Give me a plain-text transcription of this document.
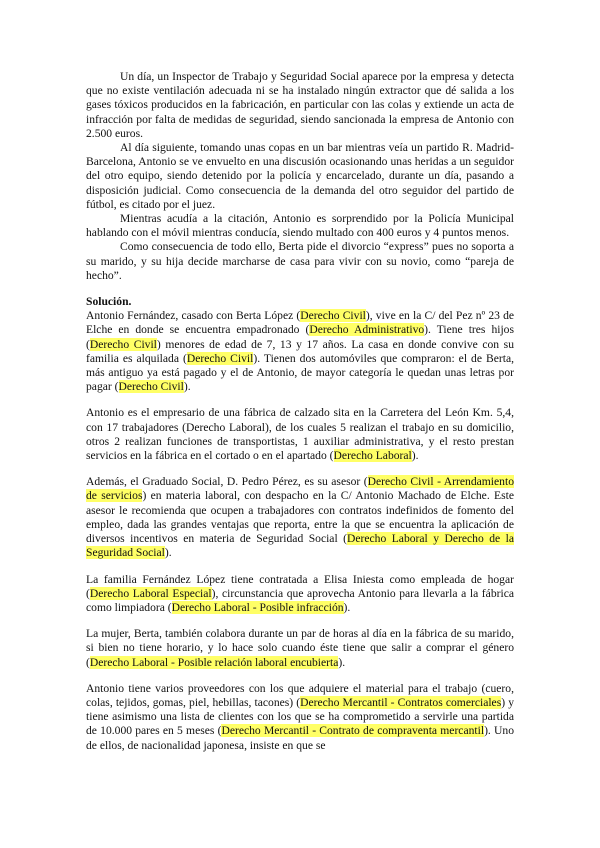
Un día, un Inspector de Trabajo y Seguridad Social aparece por la empresa y detecta que no existe ventilación adecuada ni se ha instalado ningún extractor que dé salida a los gases tóxicos producidos en la fabricación, en particular con las colas y extiende un acta de infracción por falta de medidas de seguridad, siendo sancionada la empresa de Antonio con 2.500 euros.

Al día siguiente, tomando unas copas en un bar mientras veía un partido R. Madrid- Barcelona, Antonio se ve envuelto en una discusión ocasionando unas heridas a un seguidor del otro equipo, siendo detenido por la policía y encarcelado, durante un día, pasando a disposición judicial. Como consecuencia de la demanda del otro seguidor del partido de fútbol, es citado por el juez.

Mientras acudía a la citación, Antonio es sorprendido por la Policía Municipal hablando con el móvil mientras conducía, siendo multado con 400 euros y 4 puntos menos.

Como consecuencia de todo ello, Berta pide el divorcio “express” pues no soporta a su marido, y su hija decide marcharse de casa para vivir con su novio, como “pareja de hecho”.

Solución.

Antonio Fernández, casado con Berta López (Derecho Civil), vive en la C/ del Pez nº 23 de Elche en donde se encuentra empadronado (Derecho Administrativo). Tiene tres hijos (Derecho Civil) menores de edad de 7, 13 y 17 años. La casa en donde convive con su familia es alquilada (Derecho Civil). Tienen dos automóviles que compraron: el de Berta, más antiguo ya está pagado y el de Antonio, de mayor categoría le quedan unas letras por pagar (Derecho Civil).

Antonio es el empresario de una fábrica de calzado sita en la Carretera del León Km. 5,4, con 17 trabajadores (Derecho Laboral), de los cuales 5 realizan el trabajo en su domicilio, otros 2 realizan funciones de transportistas, 1 auxiliar administrativa, y el resto prestan servicios en la fábrica en el cortado o en el apartado (Derecho Laboral).

Además, el Graduado Social, D. Pedro Pérez, es su asesor (Derecho Civil - Arrendamiento de servicios) en materia laboral, con despacho en la C/ Antonio Machado de Elche. Este asesor le recomienda que ocupen a trabajadores con contratos indefinidos de fomento del empleo, dada las grandes ventajas que reporta, entre la que se encuentra la aplicación de diversos incentivos en materia de Seguridad Social (Derecho Laboral y Derecho de la Seguridad Social).

La familia Fernández López tiene contratada a Elisa Iniesta como empleada de hogar (Derecho Laboral Especial), circunstancia que aprovecha Antonio para llevarla a la fábrica como limpiadora (Derecho Laboral - Posible infracción).

La mujer, Berta, también colabora durante un par de horas al día en la fábrica de su marido, si bien no tiene horario, y lo hace solo cuando éste tiene que salir a comprar el género (Derecho Laboral - Posible relación laboral encubierta).

Antonio tiene varios proveedores con los que adquiere el material para el trabajo (cuero, colas, tejidos, gomas, piel, hebillas, tacones) (Derecho Mercantil - Contratos comerciales) y tiene asimismo una lista de clientes con los que se ha comprometido a servirle una partida de 10.000 pares en 5 meses (Derecho Mercantil - Contrato de compraventa mercantil). Uno de ellos, de nacionalidad japonesa, insiste en que se
